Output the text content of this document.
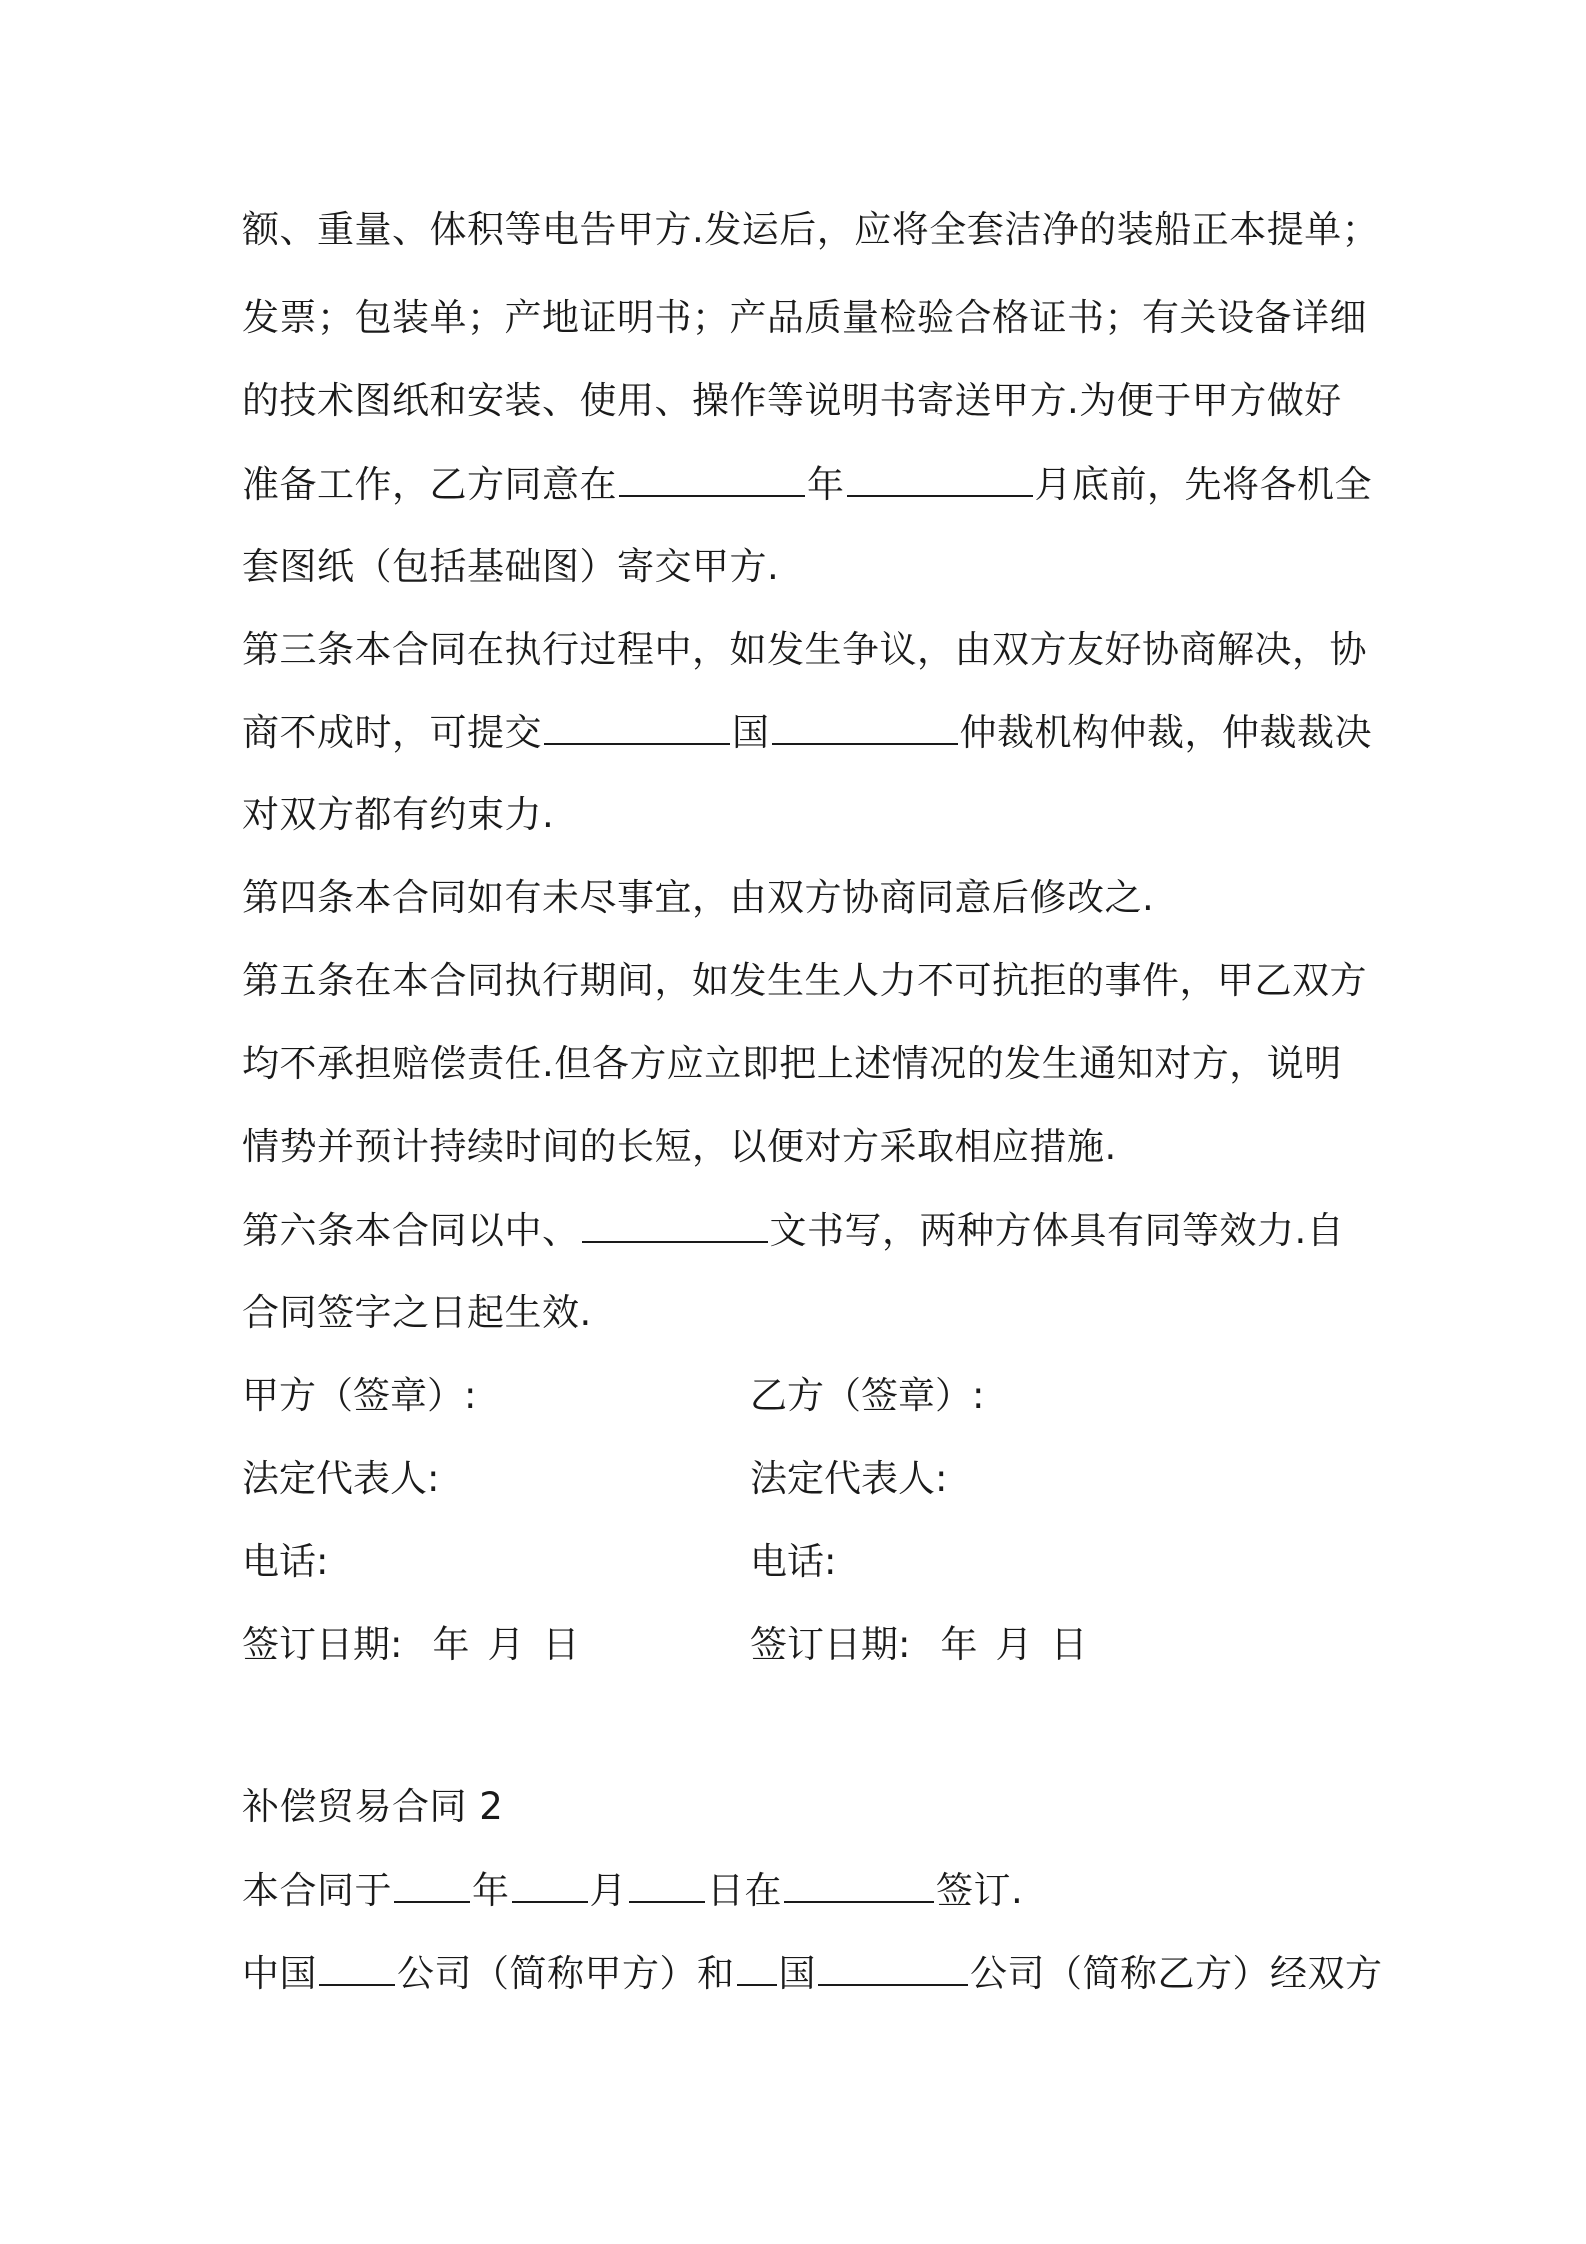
额、重量、体积等电告甲方.发运后，应将全套洁净的装船正本提单；
发票；包装单；产地证明书；产品质量检验合格证书；有关设备详细
的技术图纸和安装、使用、操作等说明书寄送甲方.为便于甲方做好
准备工作，乙方同意在	年	月底前，先将各机全
套图纸（包括基础图）寄交甲方.
第三条本合同在执行过程中，如发生争议，由双方友好协商解决，协
商不成时，可提交	国	仲裁机构仲裁，仲裁裁决
对双方都有约束力.
第四条本合同如有未尽事宜，由双方协商同意后修改之.
第五条在本合同执行期间，如发生生人力不可抗拒的事件，甲乙双方
均不承担赔偿责任.但各方应立即把上述情况的发生通知对方，说明
情势并预计持续时间的长短，以便对方采取相应措施.
第六条本合同以中、	文书写，两种方体具有同等效力.自
合同签字之日起生效.
甲方（签章）:	乙方（签章）:
法定代表人:	法定代表人:
电话:	电话:
签订日期: 年 月 日	签订日期: 年 月 日
补偿贸易合同 2
本合同于 年 月 日在	签订.
中国 公司（简称甲方）和 国	公司（简称乙方）经双方
